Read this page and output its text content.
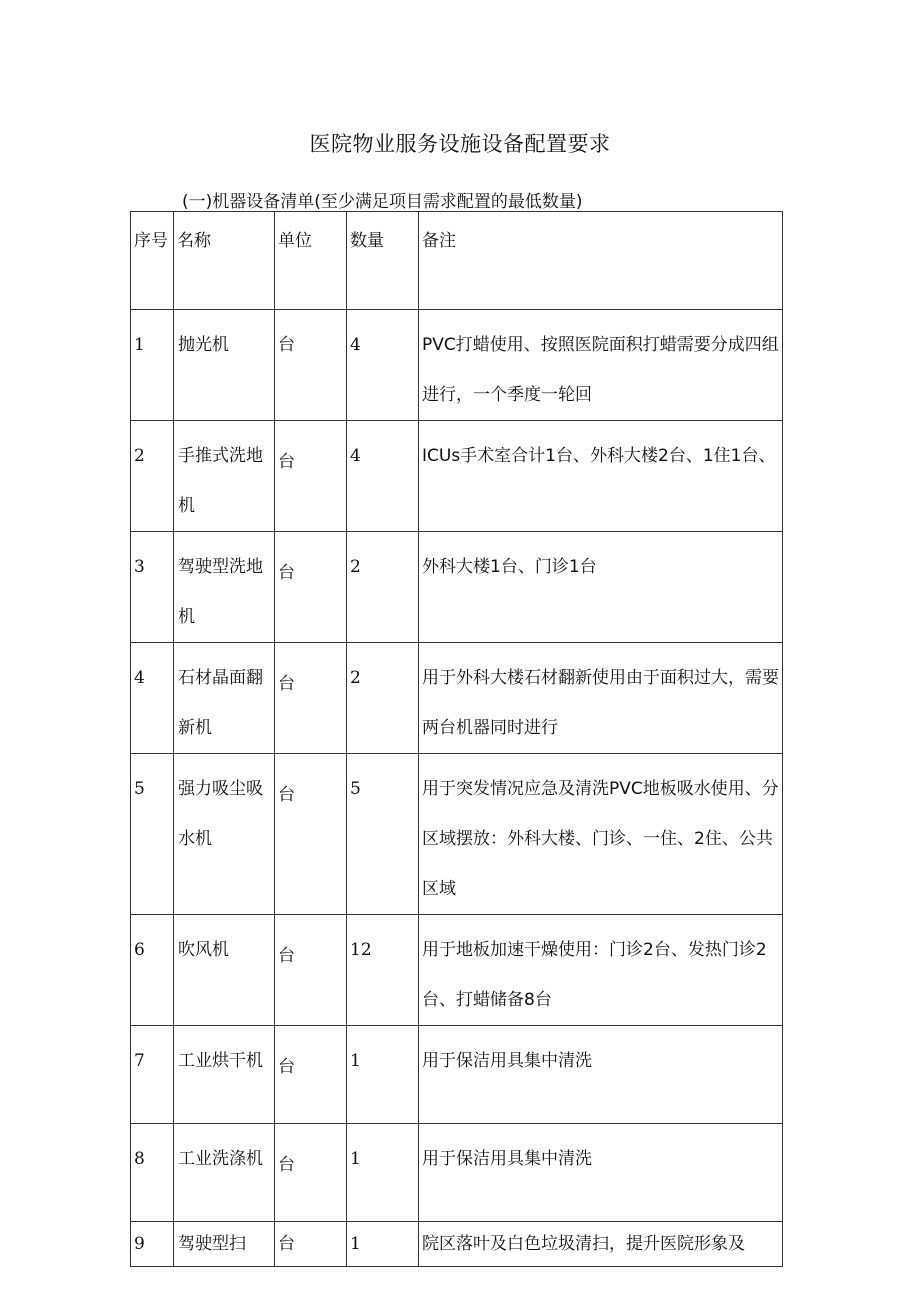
医院物业服务设施设备配置要求
(一)机器设备清单(至少满足项目需求配置的最低数量)
序号	名称	单位	数量	备注
1	抛光机	台	4	PVC打蜡使用、按照医院面积打蜡需要分成四组进行，一个季度一轮回
2	手推式洗地机	台	4	ICUs手术室合计1台、外科大楼2台、1住1台、
3	驾驶型洗地机	台	2	外科大楼1台、门诊1台
4	石材晶面翻新机	台	2	用于外科大楼石材翻新使用由于面积过大，需要两台机器同时进行
5	强力吸尘吸水机	台	5	用于突发情况应急及清洗PVC地板吸水使用、分区域摆放：外科大楼、门诊、一住、2住、公共区域
6	吹风机	台	12	用于地板加速干燥使用：门诊2台、发热门诊2台、打蜡储备8台
7	工业烘干机	台	1	用于保洁用具集中清洗
8	工业洗涤机	台	1	用于保洁用具集中清洗
9	驾驶型扫	台	1	院区落叶及白色垃圾清扫，提升医院形象及
